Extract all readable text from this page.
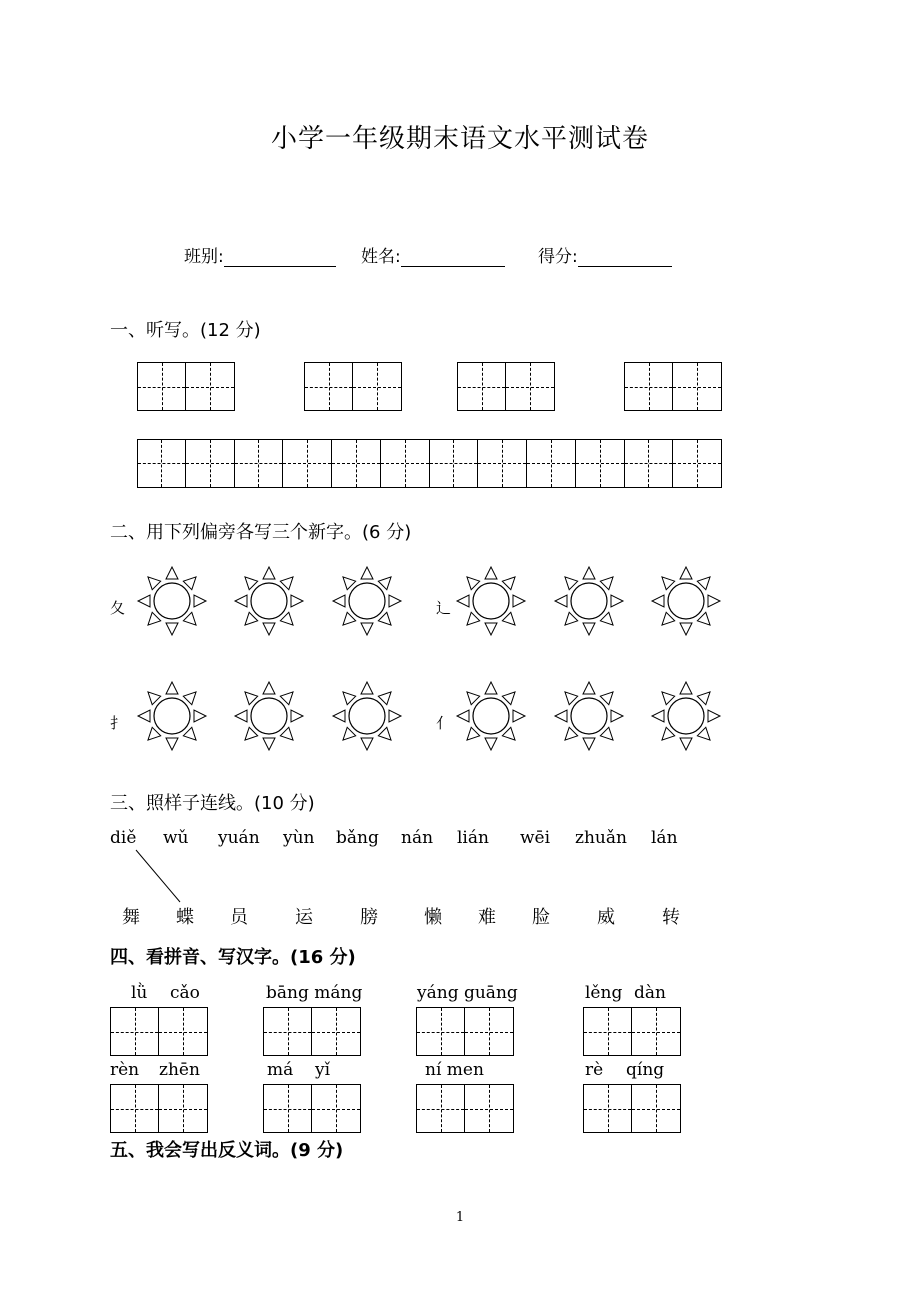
小学一年级期末语文水平测试卷
班别:	姓名:	得分:
一、听写。(12 分)
二、用下列偏旁各写三个新字。(6 分)
三、照样子连线。(10 分)
四、看拼音、写汉字。(16 分)
五、我会写出反义词。(9 分)
夂	辶
扌	亻
diě wǔ yuán yùn bǎng nán lián wēi zhuǎn lán
舞 蝶 员	运	膀	懒 难 脸	威	转
lǜ cǎo	bāng máng	yáng guāng	lěng dàn
rèn zhēn	má yǐ	ní men	rè qíng
1
